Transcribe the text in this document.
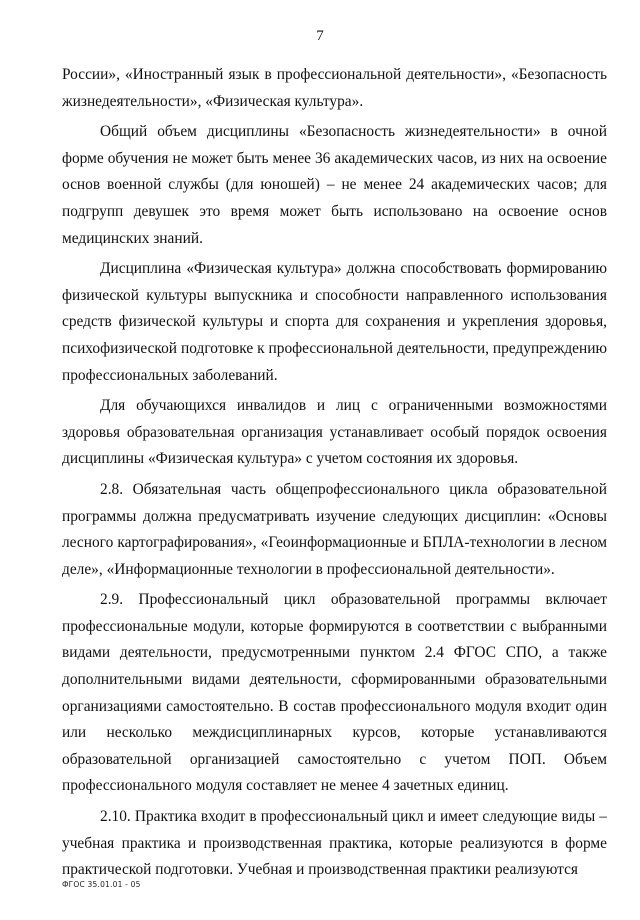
7

России», «Иностранный язык в профессиональной деятельности», «Безопасность жизнедеятельности», «Физическая культура».

Общий объем дисциплины «Безопасность жизнедеятельности» в очной форме обучения не может быть менее 36 академических часов, из них на освоение основ военной службы (для юношей) – не менее 24 академических часов; для подгрупп девушек это время может быть использовано на освоение основ медицинских знаний.

Дисциплина «Физическая культура» должна способствовать формированию физической культуры выпускника и способности направленного использования средств физической культуры и спорта для сохранения и укрепления здоровья, психофизической подготовке к профессиональной деятельности, предупреждению профессиональных заболеваний.

Для обучающихся инвалидов и лиц с ограниченными возможностями здоровья образовательная организация устанавливает особый порядок освоения дисциплины «Физическая культура» с учетом состояния их здоровья.

2.8. Обязательная часть общепрофессионального цикла образовательной программы должна предусматривать изучение следующих дисциплин: «Основы лесного картографирования», «Геоинформационные и БПЛА-технологии в лесном деле», «Информационные технологии в профессиональной деятельности».

2.9. Профессиональный цикл образовательной программы включает профессиональные модули, которые формируются в соответствии с выбранными видами деятельности, предусмотренными пунктом 2.4 ФГОС СПО, а также дополнительными видами деятельности, сформированными образовательными организациями самостоятельно. В состав профессионального модуля входит один или несколько междисциплинарных курсов, которые устанавливаются образовательной организацией самостоятельно с учетом ПОП. Объем профессионального модуля составляет не менее 4 зачетных единиц.

2.10. Практика входит в профессиональный цикл и имеет следующие виды – учебная практика и производственная практика, которые реализуются в форме практической подготовки. Учебная и производственная практики реализуются

ФГОС 35.01.01 - 05
